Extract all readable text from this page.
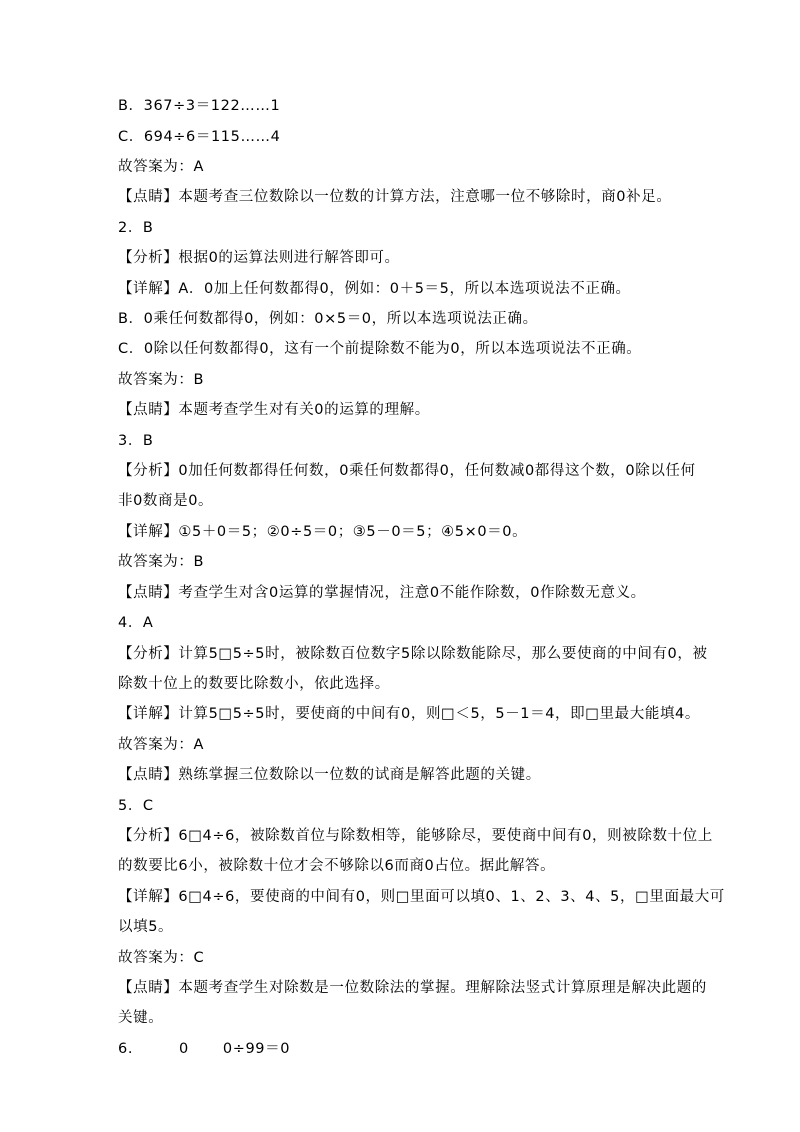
B．367÷3＝122……1
C．694÷6＝115……4
故答案为：A
【点睛】本题考查三位数除以一位数的计算方法，注意哪一位不够除时，商0补足。
2．B
【分析】根据0的运算法则进行解答即可。
【详解】A．0加上任何数都得0，例如：0＋5＝5，所以本选项说法不正确。
B．0乘任何数都得0，例如：0×5＝0，所以本选项说法正确。
C．0除以任何数都得0，这有一个前提除数不能为0，所以本选项说法不正确。
故答案为：B
【点睛】本题考查学生对有关0的运算的理解。
3．B
【分析】0加任何数都得任何数，0乘任何数都得0，任何数减0都得这个数，0除以任何
非0数商是0。
【详解】①5＋0＝5；②0÷5＝0；③5－0＝5；④5×0＝0。
故答案为：B
【点睛】考查学生对含0运算的掌握情况，注意0不能作除数，0作除数无意义。
4．A
【分析】计算5□5÷5时，被除数百位数字5除以除数能除尽，那么要使商的中间有0，被
除数十位上的数要比除数小，依此选择。
【详解】计算5□5÷5时，要使商的中间有0，则□＜5，5－1＝4，即□里最大能填4。
故答案为：A
【点睛】熟练掌握三位数除以一位数的试商是解答此题的关键。
5．C
【分析】6□4÷6，被除数首位与除数相等，能够除尽，要使商中间有0，则被除数十位上
的数要比6小，被除数十位才会不够除以6而商0占位。据此解答。
【详解】6□4÷6，要使商的中间有0，则□里面可以填0、1、2、3、4、5，□里面最大可
以填5。
故答案为：C
【点睛】本题考查学生对除数是一位数除法的掌握。理解除法竖式计算原理是解决此题的
关键。
6.	0 0÷99＝0
